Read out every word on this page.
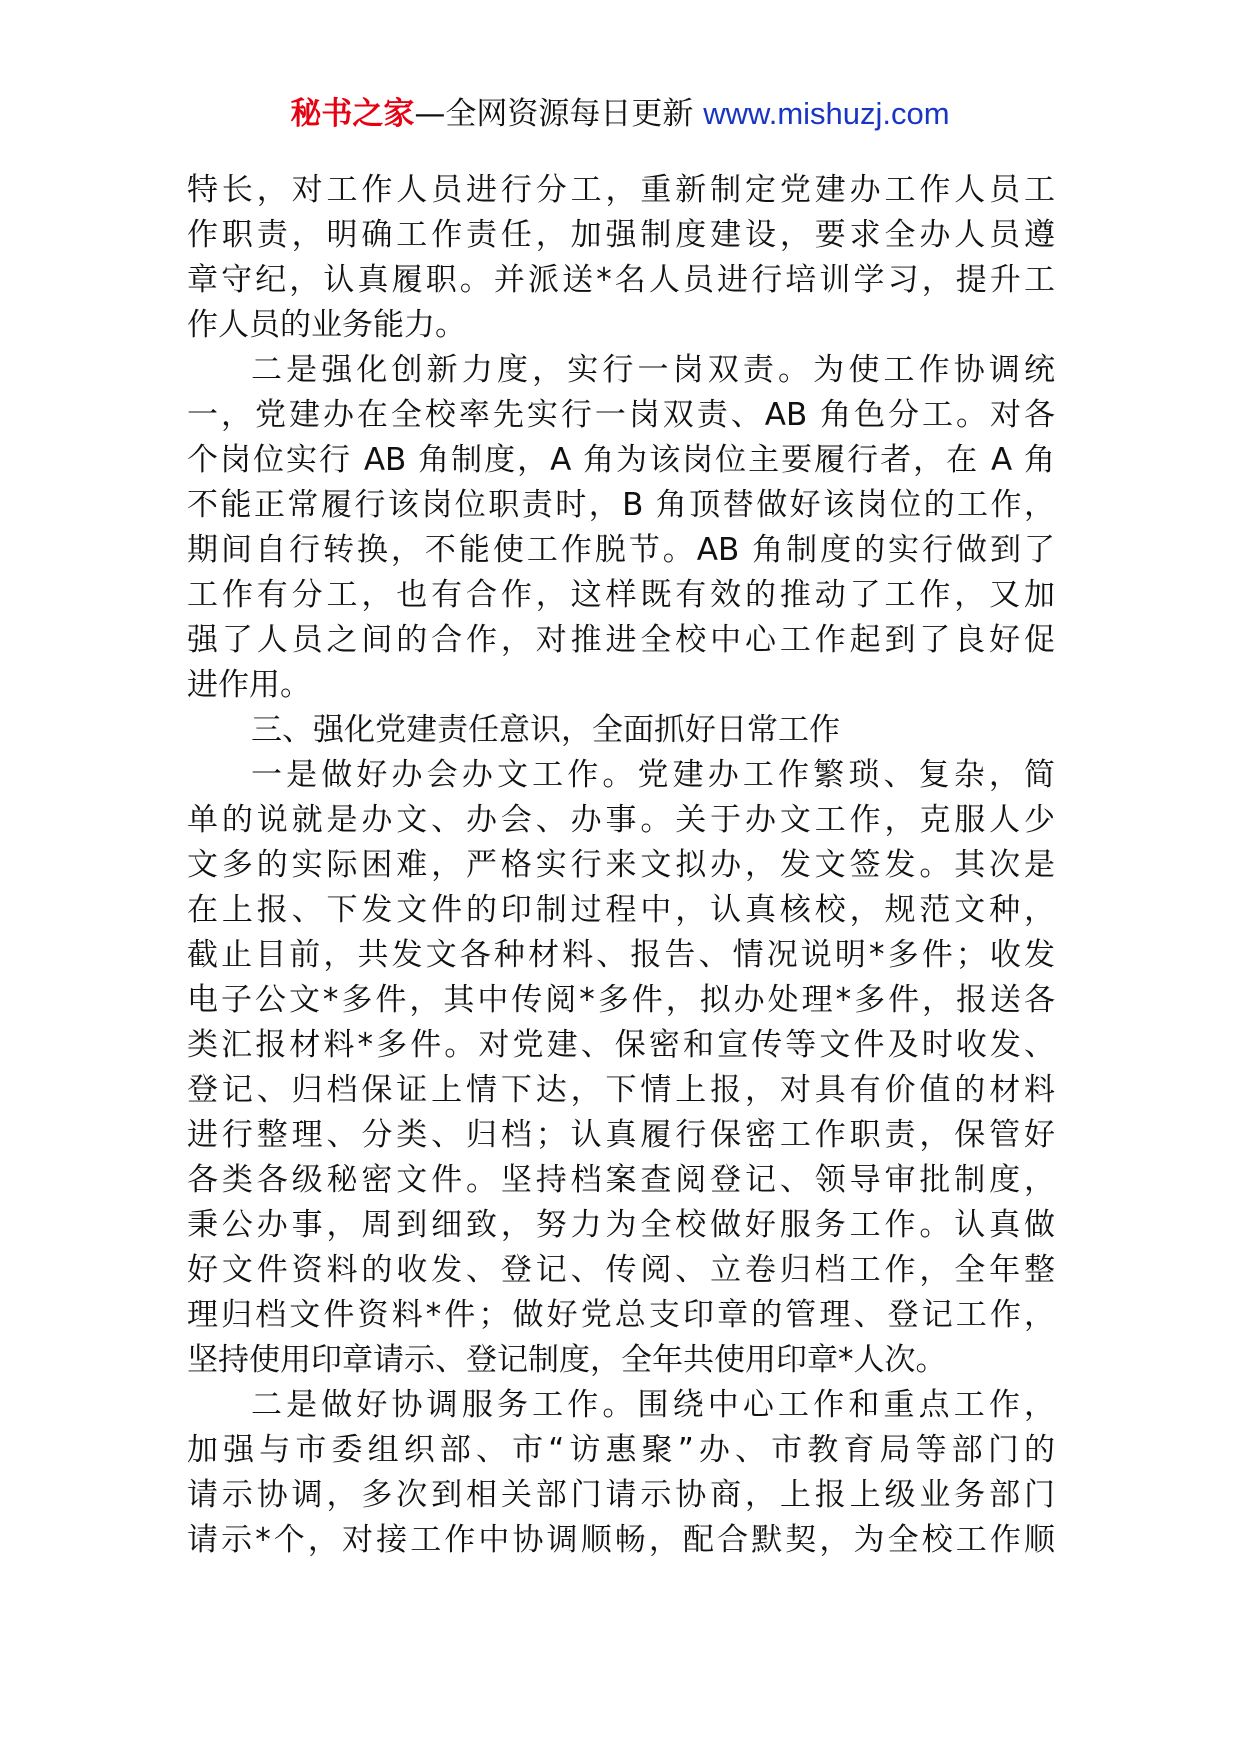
秘书之家—全网资源每日更新 www.mishuzj.com
特长，对工作人员进行分工，重新制定党建办工作人员工
作职责，明确工作责任，加强制度建设，要求全办人员遵
章守纪，认真履职。并派送*名人员进行培训学习，提升工
作人员的业务能力。
二是强化创新力度，实行一岗双责。为使工作协调统
一，党建办在全校率先实行一岗双责、AB 角色分工。对各
个岗位实行 AB 角制度，A 角为该岗位主要履行者，在 A 角
不能正常履行该岗位职责时，B 角顶替做好该岗位的工作，
期间自行转换，不能使工作脱节。AB 角制度的实行做到了
工作有分工，也有合作，这样既有效的推动了工作，又加
强了人员之间的合作，对推进全校中心工作起到了良好促
进作用。
三、强化党建责任意识，全面抓好日常工作
一是做好办会办文工作。党建办工作繁琐、复杂，简
单的说就是办文、办会、办事。关于办文工作，克服人少
文多的实际困难，严格实行来文拟办，发文签发。其次是
在上报、下发文件的印制过程中，认真核校，规范文种，
截止目前，共发文各种材料、报告、情况说明*多件；收发
电子公文*多件，其中传阅*多件，拟办处理*多件，报送各
类汇报材料*多件。对党建、保密和宣传等文件及时收发、
登记、归档保证上情下达，下情上报，对具有价值的材料
进行整理、分类、归档；认真履行保密工作职责，保管好
各类各级秘密文件。坚持档案查阅登记、领导审批制度，
秉公办事，周到细致，努力为全校做好服务工作。认真做
好文件资料的收发、登记、传阅、立卷归档工作，全年整
理归档文件资料*件；做好党总支印章的管理、登记工作，
坚持使用印章请示、登记制度，全年共使用印章*人次。
二是做好协调服务工作。围绕中心工作和重点工作，
加强与市委组织部、市“访惠聚”办、市教育局等部门的
请示协调，多次到相关部门请示协商，上报上级业务部门
请示*个，对接工作中协调顺畅，配合默契，为全校工作顺
